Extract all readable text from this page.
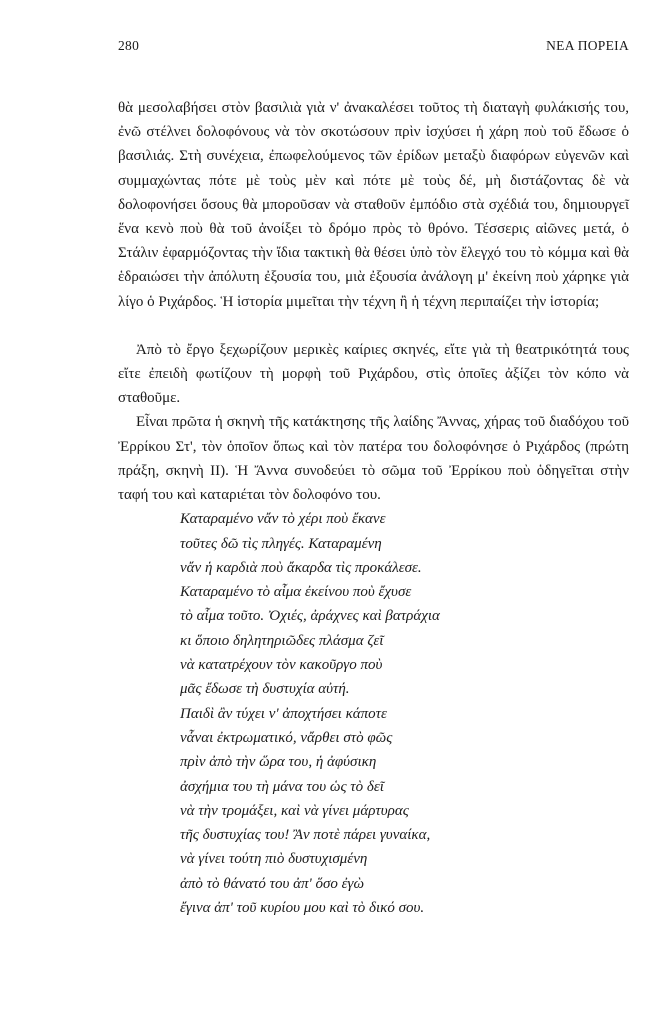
280	ΝΕΑ ΠΟΡΕΙΑ

θὰ μεσολαβήσει στὸν βασιλιὰ γιὰ ν' ἀνακαλέσει τοῦτος τὴ διαταγὴ φυλάκισής του, ἐνῶ στέλνει δολοφόνους νὰ τὸν σκοτώσουν πρὶν ἰσχύσει ἡ χάρη ποὺ τοῦ ἔδωσε ὁ βασιλιάς. Στὴ συνέχεια, ἐπωφελούμενος τῶν ἐρίδων μεταξὺ διαφόρων εὐγενῶν καὶ συμμαχώντας πότε μὲ τοὺς μὲν καὶ πότε μὲ τοὺς δέ, μὴ διστάζοντας δὲ νὰ δολοφονήσει ὅσους θὰ μποροῦσαν νὰ σταθοῦν ἐμπόδιο στὰ σχέδιά του, δημιουργεῖ ἕνα κενὸ ποὺ θὰ τοῦ ἀνοίξει τὸ δρόμο πρὸς τὸ θρόνο. Τέσσερις αἰῶνες μετά, ὁ Στάλιν ἐφαρμόζοντας τὴν ἴδια τακτικὴ θὰ θέσει ὑπὸ τὸν ἔλεγχό του τὸ κόμμα καὶ θὰ ἑδραιώσει τὴν ἀπόλυτη ἐξουσία του, μιὰ ἐξουσία ἀνάλογη μ' ἐκείνη ποὺ χάρηκε γιὰ λίγο ὁ Ριχάρδος. Ἡ ἱστορία μιμεῖται τὴν τέχνη ἢ ἡ τέχνη περιπαίζει τὴν ἱστορία;

Ἀπὸ τὸ ἔργο ξεχωρίζουν μερικὲς καίριες σκηνές, εἴτε γιὰ τὴ θεατρικότητά τους εἴτε ἐπειδὴ φωτίζουν τὴ μορφὴ τοῦ Ριχάρδου, στὶς ὁποῖες ἀξίζει τὸν κόπο νὰ σταθοῦμε.

Εἶναι πρῶτα ἡ σκηνὴ τῆς κατάκτησης τῆς λαίδης Ἄννας, χήρας τοῦ διαδόχου τοῦ Ἐρρίκου Στ', τὸν ὁποῖον ὅπως καὶ τὸν πατέρα του δολοφόνησε ὁ Ριχάρδος (πρώτη πράξη, σκηνὴ ΙΙ). Ἡ Ἄννα συνοδεύει τὸ σῶμα τοῦ Ἐρρίκου ποὺ ὁδηγεῖται στὴν ταφή του καὶ καταριέται τὸν δολοφόνο του.

Καταραμένο νἄν τὸ χέρι ποὺ ἔκανε
τοῦτες δῶ τὶς πληγές. Καταραμένη
νἄν ἡ καρδιὰ ποὺ ἄκαρδα τὶς προκάλεσε.
Καταραμένο τὸ αἷμα ἐκείνου ποὺ ἔχυσε
τὸ αἷμα τοῦτο. Ὀχιές, ἀράχνες καὶ βατράχια
κι ὅποιο δηλητηριῶδες πλάσμα ζεῖ
νὰ κατατρέχουν τὸν κακοῦργο ποὺ
μᾶς ἔδωσε τὴ δυστυχία αὐτή.
Παιδὶ ἂν τύχει ν' ἀποχτήσει κάποτε
νἆναι ἐκτρωματικό, νἄρθει στὸ φῶς
πρὶν ἀπὸ τὴν ὥρα του, ἡ ἀφύσικη
ἀσχήμια του τὴ μάνα του ὡς τὸ δεῖ
νὰ τὴν τρομάξει, καὶ νὰ γίνει μάρτυρας
τῆς δυστυχίας του! Ἂν ποτὲ πάρει γυναίκα,
νὰ γίνει τούτη πιὸ δυστυχισμένη
ἀπὸ τὸ θάνατό του ἀπ' ὅσο ἐγὼ
ἔγινα ἀπ' τοῦ κυρίου μου καὶ τὸ δικό σου.
